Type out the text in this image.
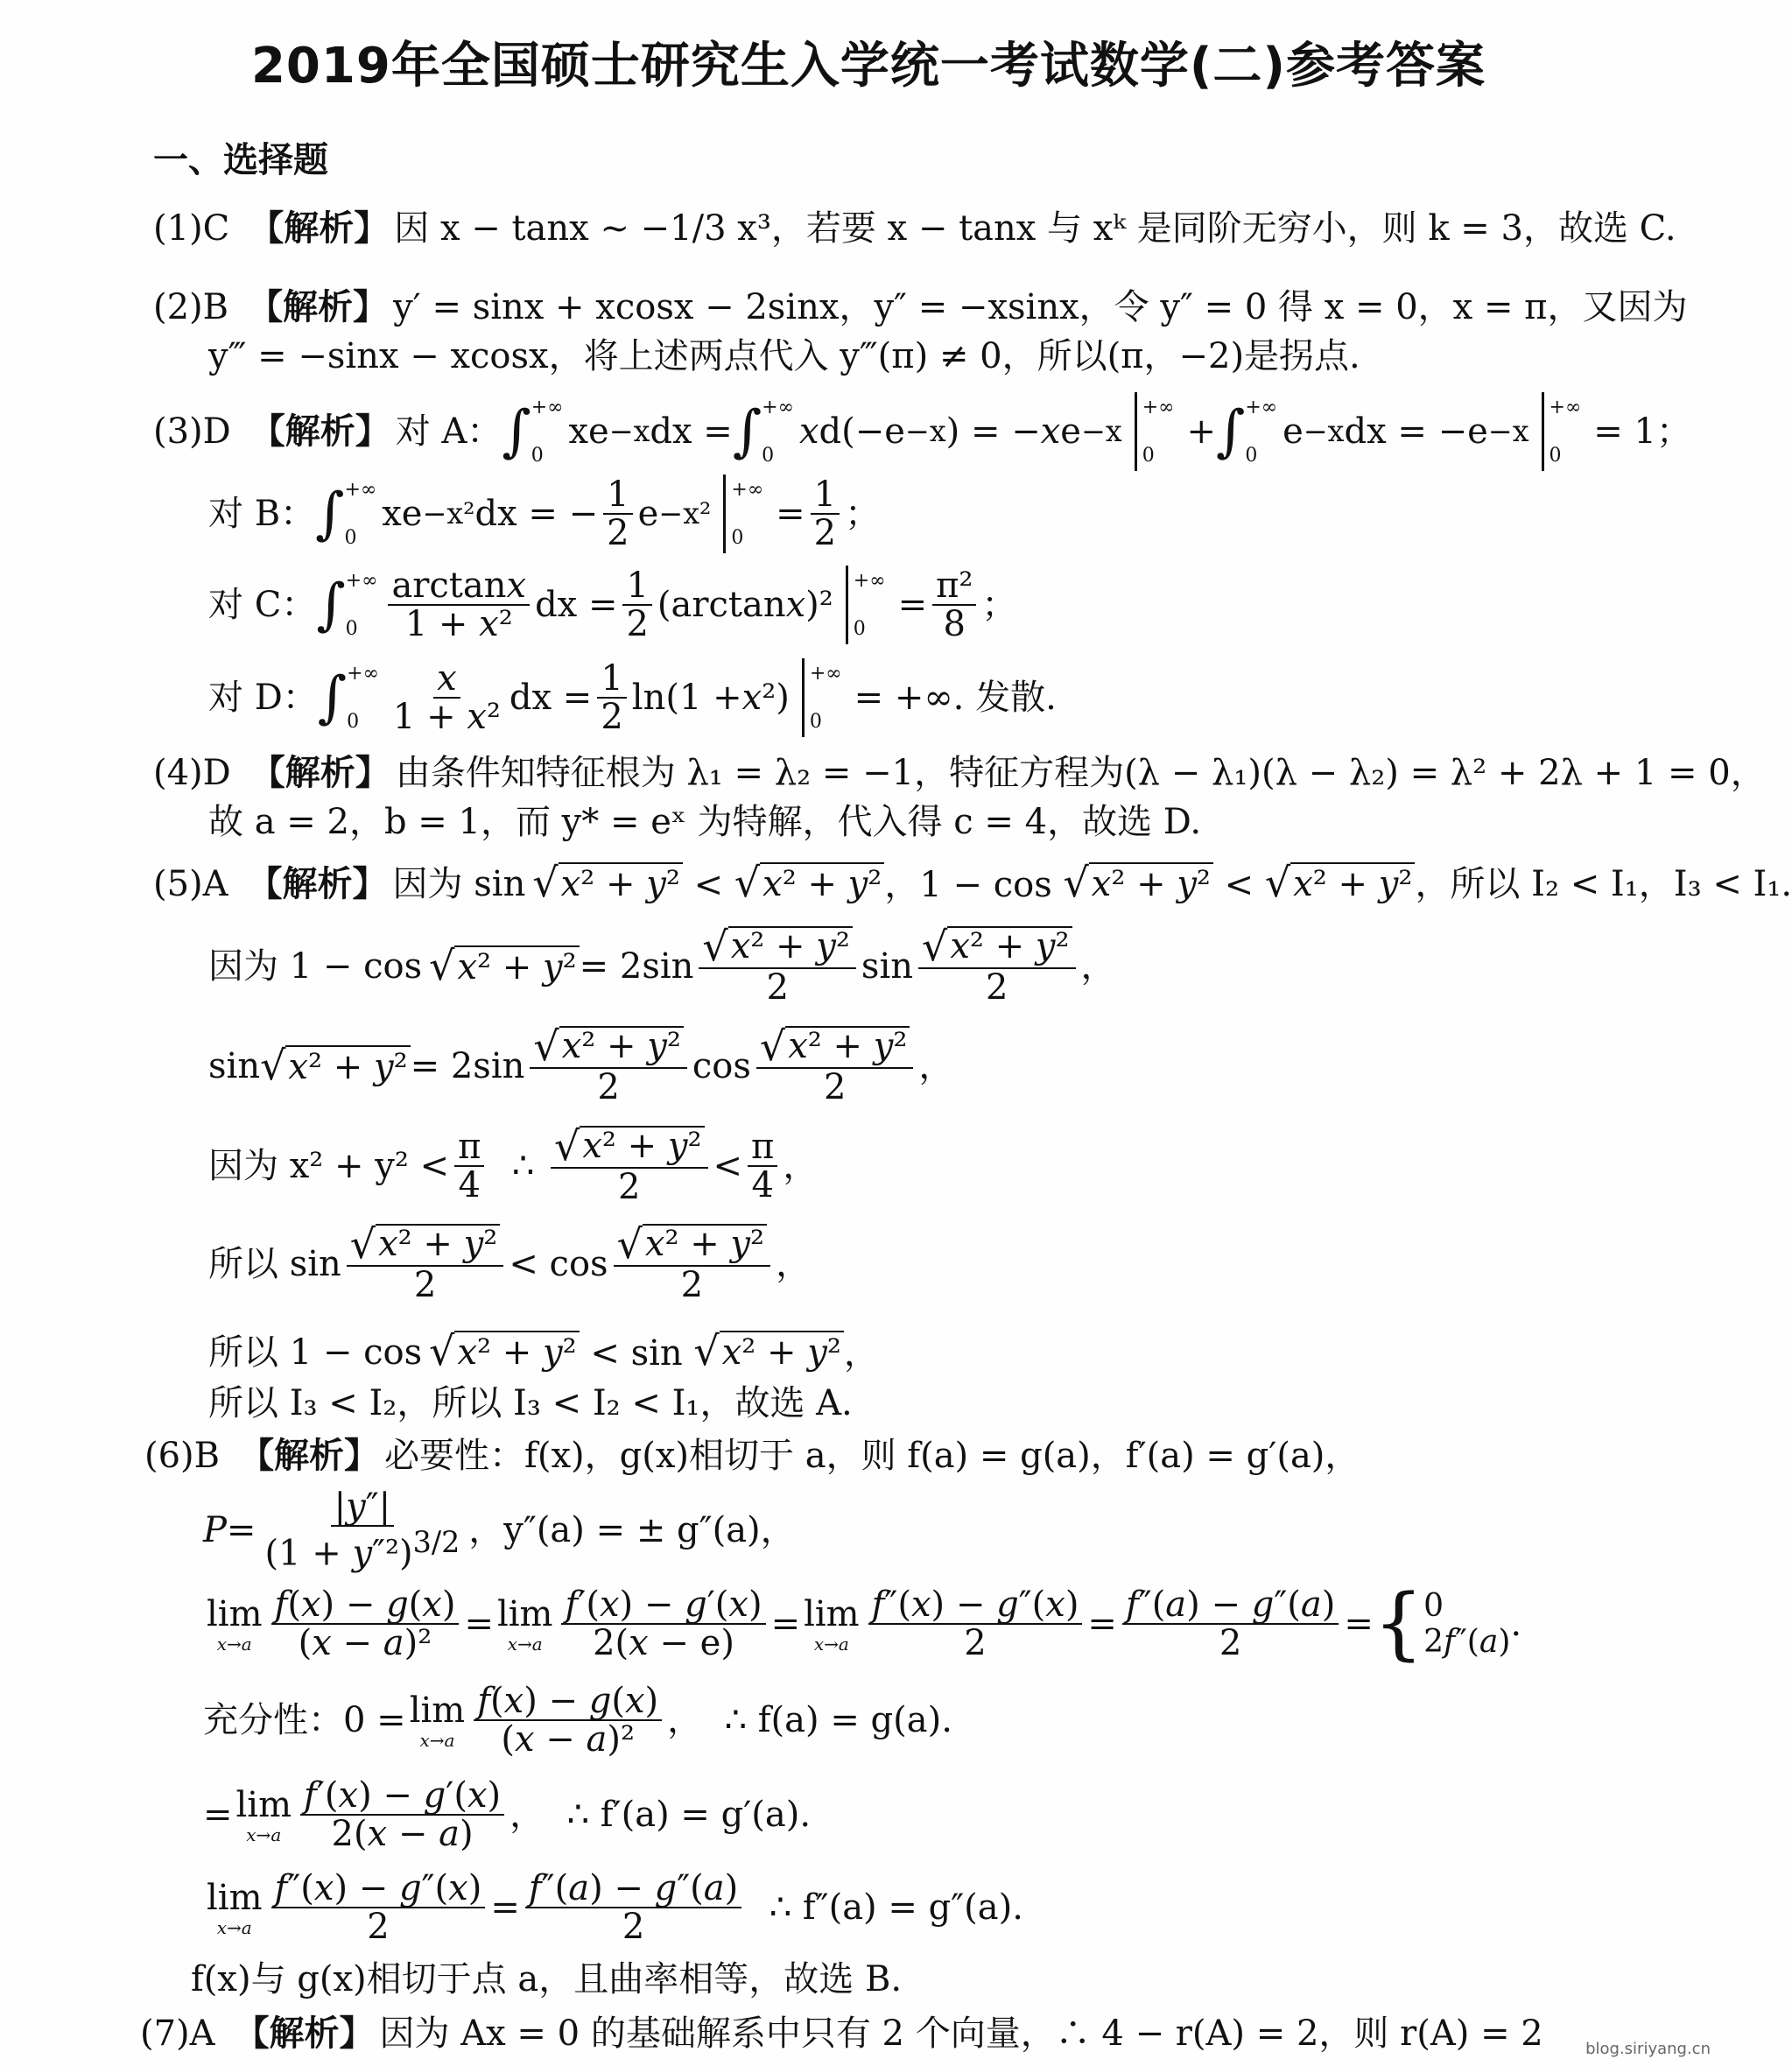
2019年全国硕士研究生入学统一考试数学(二)参考答案
一、选择题
(1)C 【解析】 因 x − tanx ~ −1/3 x³，若要 x − tanx 与 xᵏ 是同阶无穷小，则 k = 3，故选 C.
(2)B 【解析】 y′ = sinx + xcosx − 2sinx，y″ = −xsinx，令 y″ = 0 得 x = 0，x = π，又因为
y‴ = −sinx − xcosx，将上述两点代入 y‴(π) ≠ 0，所以(π，−2)是拐点.
(3)D 【解析】 对 A： ∫ +∞
0
xe −x dx = ∫ +∞
0
x d(−e −x ) = − x e −x
+∞
0
+ ∫ +∞
0
e −x dx = −e −x
+∞
0
= 1；
对 B： ∫ +∞
0
xe −x² dx = − $\frac{1}{2}$ e −x²
+∞
0
= $\frac{1}{2}$ ；
对 C： ∫ +∞
$0 \frac{\arctan x}{\text{1 + x²}}$ dx = $\frac{1}{2} (\arctan$ x )²
+∞
0
= $\frac{\text{π²}}{8}$ ；
对 D： ∫ +∞
$0 \frac{x}{\text{1 + x²}}$ dx = $\frac{1}{2} \ln(1 + x$ ²)
+∞
0
= +∞. 发散.
(4)D 【解析】 由条件知特征根为 λ₁ = λ₂ = −1，特征方程为(λ − λ₁)(λ − λ₂) = λ² + 2λ + 1 = 0，
故 a = 2，b = 1，而 y* = eˣ 为特解，代入得 c = 4，故选 D.
(5)A 【解析】 因为 sin √ x² + y² < √ x² + y² ，1 − cos √ x² + y² < √ x² + y² ，所以 I₂ < I₁，I₃ < I₁.
因为 1 − cos √ $x^2 + y^2 = 2\sin \frac{\text{√ x² + y²}}{2}$ $\sin \frac{\text{√ x² + y²}}{2}$ ，
sin √ $x^2 + y^2 = 2\sin \frac{\text{√ x² + y²}}{2}$ $\cos \frac{\text{√ x² + y²}}{2}$ ，
因为 $x^2 + y^2 < \frac{\pi}{4}$ ∴ $\frac{\text{√ x² + y²}}{2} < \frac{\pi}{4}$ ，
所以 $\sin \frac{\text{√ x² + y²}}{2} < \cos \frac{\text{√ x² + y²}}{2}$ ，
所以 1 − cos √ x² + y² < sin √ x² + y² ，
所以 I₃ < I₂，所以 I₃ < I₂ < I₁，故选 A.
(6)B 【解析】 必要性：f(x)，g(x)相切于 a，则 f(a) = g(a)，f′(a) = g′(a)，
$P = \frac{|y''|}{(1 + y''^2)^{3/2}}$ ，y″(a) = ± g″(a)，
lim
$x\to a \frac{f(x) - g(x)}{\text{(x − a)²}} = \lim$
$x\to a \frac{f'(x) - g'(x)}{2(x - e)} = \lim$
$x\to a \frac{f''(x) - g''(x)}{2} = \frac{f''(a) - g''(a)}{2}$ = { 0
2f″(a) .
充分性：0 = lim
$x\to a \frac{f(x) - g(x)}{\text{(x − a)²}}$ ， ∴ f(a) = g(a).
= lim
$x\to a \frac{f'(x) - g'(x)}{2(x - a)}$ ， ∴ f′(a) = g′(a).
lim
$x\to a \frac{f''(x) - g''(x)}{2} = \frac{f''(a) - g''(a)}{2}$
∴ f″(a) = g″(a).
f(x)与 g(x)相切于点 a，且曲率相等，故选 B.
(7)A 【解析】 因为 Ax = 0 的基础解系中只有 2 个向量，∴ 4 − r(A) = 2，则 r(A) = 2	blog.siriyang.cn
